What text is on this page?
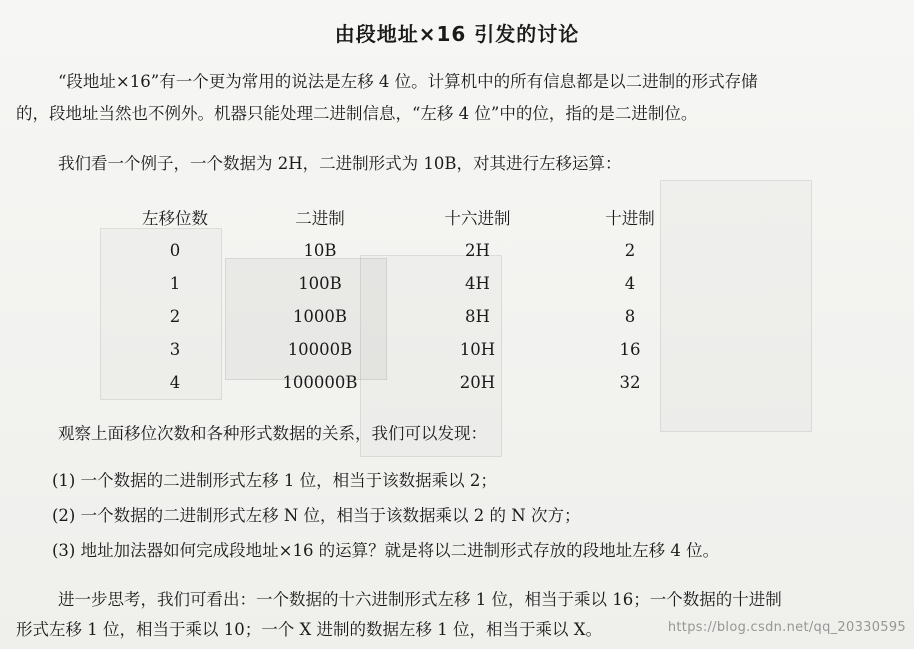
由段地址×16 引发的讨论
“段地址×16”有一个更为常用的说法是左移 4 位。计算机中的所有信息都是以二进制的形式存储
的，段地址当然也不例外。机器只能处理二进制信息，“左移 4 位”中的位，指的是二进制位。
我们看一个例子，一个数据为 2H，二进制形式为 10B，对其进行左移运算：
左移位数	二进制	十六进制	十进制
0	10B	2H	2
1	100B	4H	4
2	1000B	8H	8
3	10000B	10H	16
4	100000B	20H	32
观察上面移位次数和各种形式数据的关系，我们可以发现：
(1) 一个数据的二进制形式左移 1 位，相当于该数据乘以 2；
(2) 一个数据的二进制形式左移 N 位，相当于该数据乘以 2 的 N 次方；
(3) 地址加法器如何完成段地址×16 的运算？就是将以二进制形式存放的段地址左移 4 位。
进一步思考，我们可看出：一个数据的十六进制形式左移 1 位，相当于乘以 16；一个数据的十进制
形式左移 1 位，相当于乘以 10；一个 X 进制的数据左移 1 位，相当于乘以 X。	https://blog.csdn.net/qq_20330595
